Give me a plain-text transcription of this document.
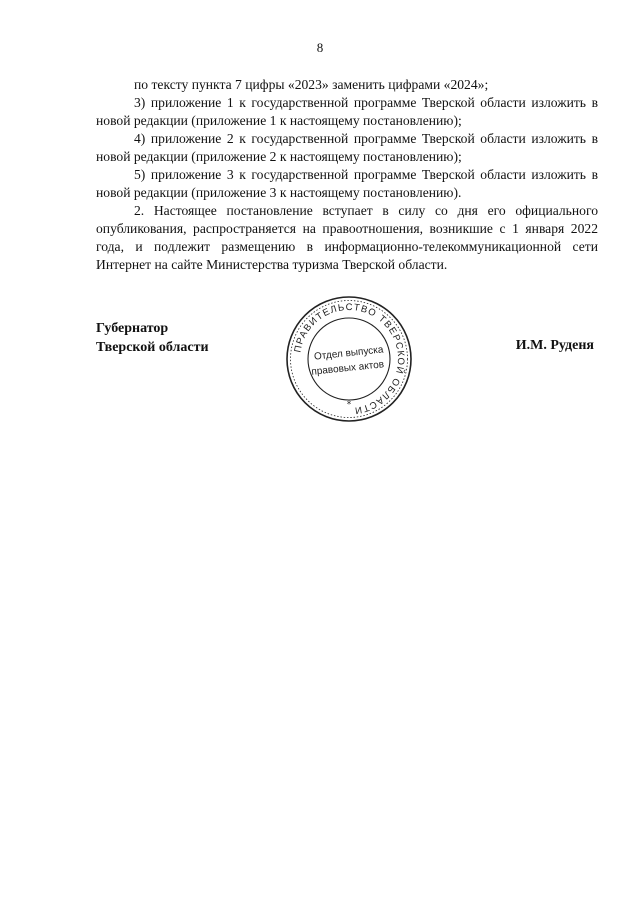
8

по тексту пункта 7 цифры «2023» заменить цифрами «2024»;

3) приложение 1 к государственной программе Тверской области изложить в новой редакции (приложение 1 к настоящему постановлению);

4) приложение 2 к государственной программе Тверской области изложить в новой редакции (приложение 2 к настоящему постановлению);

5) приложение 3 к государственной программе Тверской области изложить в новой редакции (приложение 3 к настоящему постановлению).

2. Настоящее постановление вступает в силу со дня его официального опубликования, распространяется на правоотношения, возникшие с 1 января 2022 года, и подлежит размещению в информационно-телекоммуникационной сети Интернет на сайте Министерства туризма Тверской области.

Губернатор
Тверской области	И.М. Руденя
ПРАВИТЕЛЬСТВО ТВЕРСКОЙ ОБЛАСТИ
*
Отдел выпуска
правовых актов
